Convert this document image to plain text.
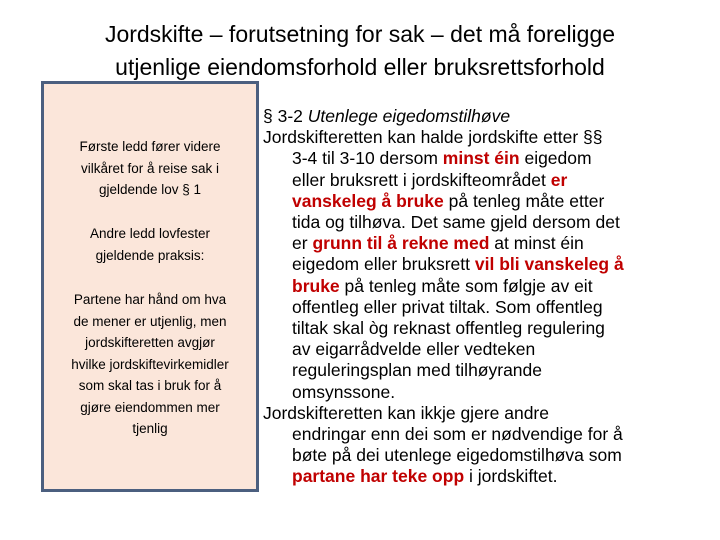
Jordskifte – forutsetning for sak – det må foreligge
utjenlige eiendomsforhold eller bruksrettsforhold

Første ledd fører videre
vilkåret for å reise sak i
gjeldende lov § 1

Andre ledd lovfester
gjeldende praksis:

Partene har hånd om hva
de mener er utjenlig, men
jordskifteretten avgjør
hvilke jordskiftevirkemidler
som skal tas i bruk for å
gjøre eiendommen mer
tjenlig

§ 3-2 Utenlege eigedomstilhøve
Jordskifteretten kan halde jordskifte etter §§
3-4 til 3-10 dersom minst éin eigedom
eller bruksrett i jordskifteområdet er
vanskeleg å bruke på tenleg måte etter
tida og tilhøva. Det same gjeld dersom det
er grunn til å rekne med at minst éin
eigedom eller bruksrett vil bli vanskeleg å
bruke på tenleg måte som følgje av eit
offentleg eller privat tiltak. Som offentleg
tiltak skal òg reknast offentleg regulering
av eigarrådvelde eller vedteken
reguleringsplan med tilhøyrande
omsynssone.
Jordskifteretten kan ikkje gjere andre
endringar enn dei som er nødvendige for å
bøte på dei utenlege eigedomstilhøva som
partane har teke opp i jordskiftet.
